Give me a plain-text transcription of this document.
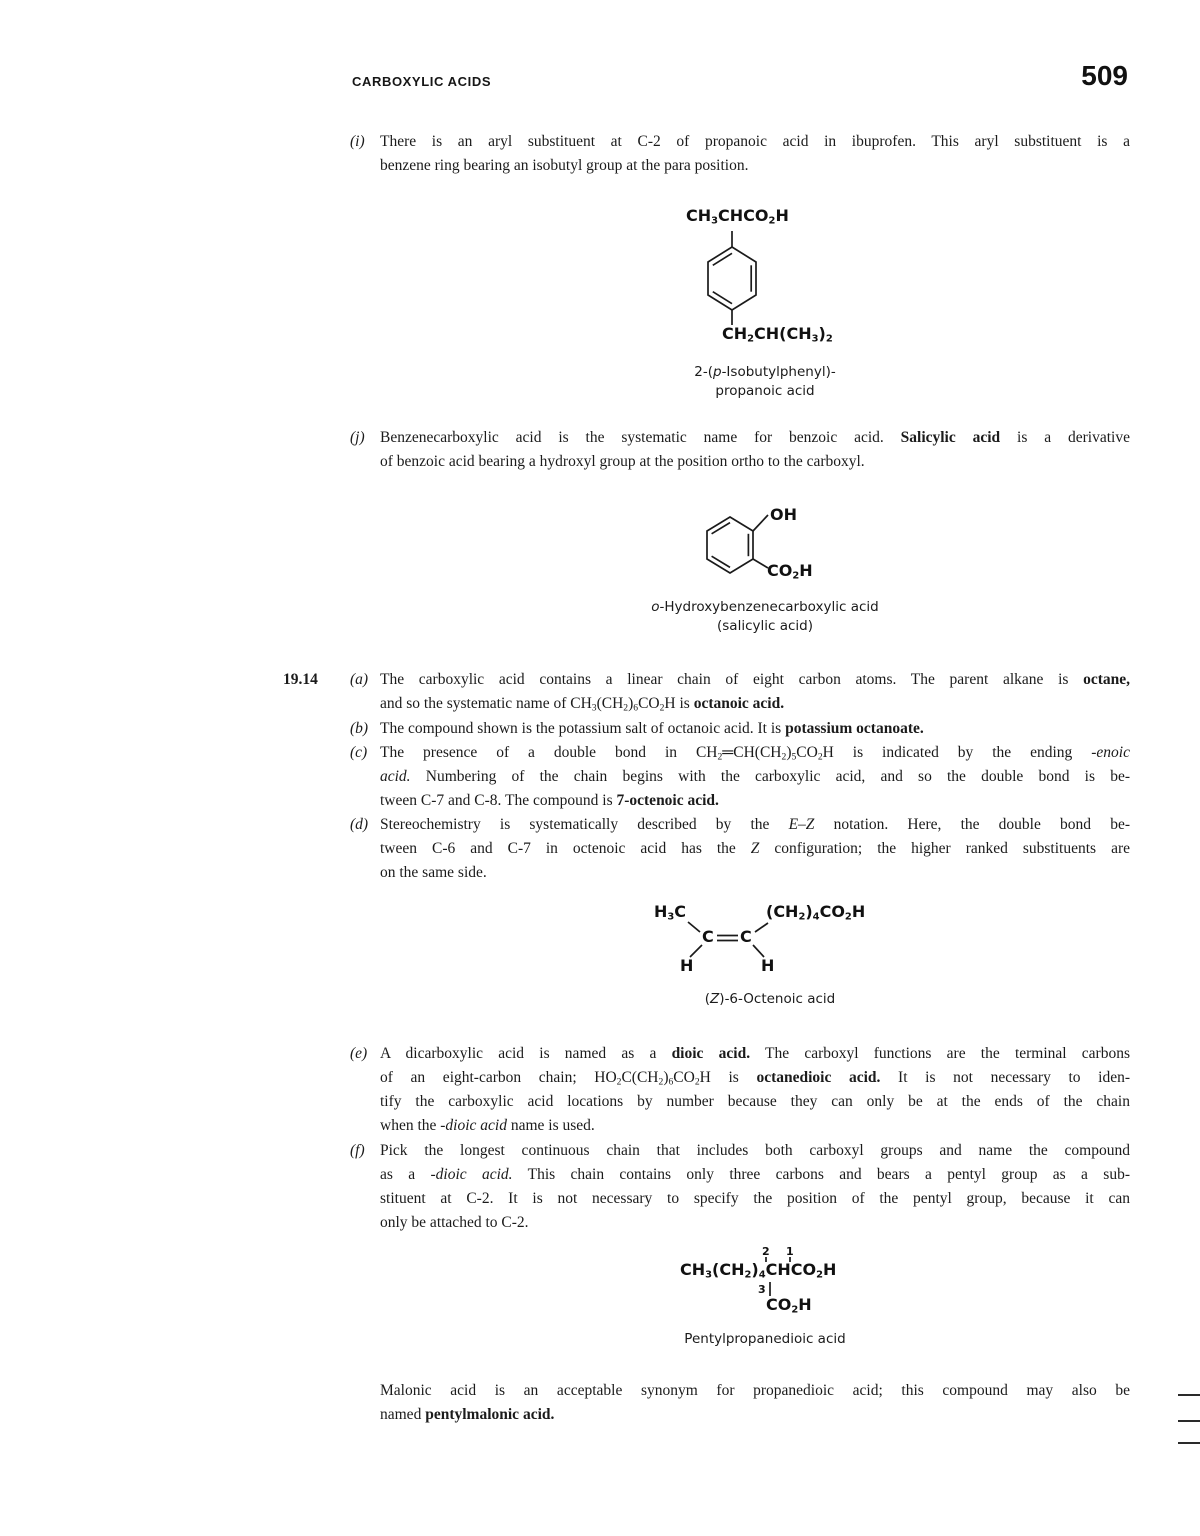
CARBOXYLIC ACIDS	509
(i) There is an aryl substituent at C-2 of propanoic acid in ibuprofen. This aryl substituent is a
benzene ring bearing an isobutyl group at the para position.
CH3CHCO2H
CH2CH(CH3)2
2-(p-Isobutylphenyl)-
propanoic acid
(j) Benzenecarboxylic acid is the systematic name for benzoic acid. Salicylic acid is a derivative
of benzoic acid bearing a hydroxyl group at the position ortho to the carboxyl.
OH
CO2H
o-Hydroxybenzenecarboxylic acid
(salicylic acid)
19.14 (a) The carboxylic acid contains a linear chain of eight carbon atoms. The parent alkane is octane,
and so the systematic name of CH3(CH2)6CO2H is octanoic acid.
(b) The compound shown is the potassium salt of octanoic acid. It is potassium octanoate.
(c) The presence of a double bond in CH2═CH(CH2)5CO2H is indicated by the ending -enoic
acid. Numbering of the chain begins with the carboxylic acid, and so the double bond is be-
tween C-7 and C-8. The compound is 7-octenoic acid.
(d) Stereochemistry is systematically described by the E–Z notation. Here, the double bond be-
tween C-6 and C-7 in octenoic acid has the Z configuration; the higher ranked substituents are
on the same side.
H3C	(CH2)4CO2H
C C
H	H
(Z)-6-Octenoic acid
(e) A dicarboxylic acid is named as a dioic acid. The carboxyl functions are the terminal carbons
of an eight-carbon chain; HO2C(CH2)6CO2H is octanedioic acid. It is not necessary to iden-
tify the carboxylic acid locations by number because they can only be at the ends of the chain
when the -dioic acid name is used.
(f) Pick the longest continuous chain that includes both carboxyl groups and name the compound
as a -dioic acid. This chain contains only three carbons and bears a pentyl group as a sub-
stituent at C-2. It is not necessary to specify the position of the pentyl group, because it can
only be attached to C-2.
2 1
CH3(CH2)4CHCO2H
3
CO2H
Pentylpropanedioic acid
Malonic acid is an acceptable synonym for propanedioic acid; this compound may also be
named pentylmalonic acid.
